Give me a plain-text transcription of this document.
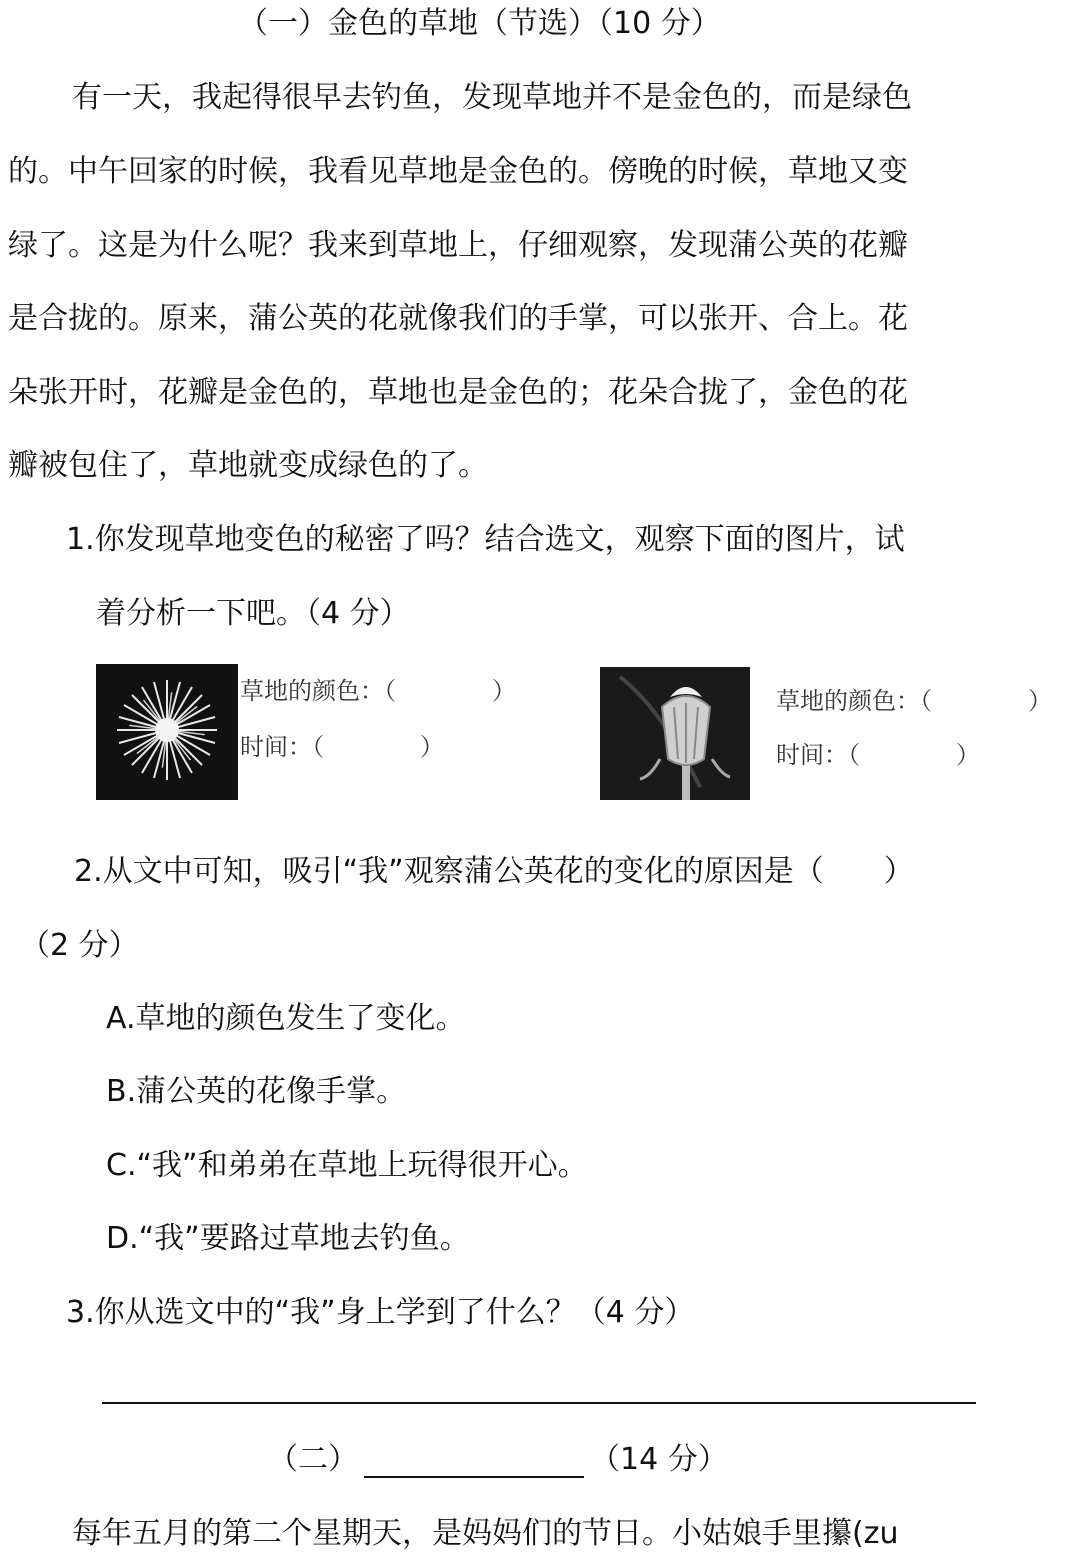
（一）金色的草地（节选）（10 分）
有一天，我起得很早去钓鱼，发现草地并不是金色的，而是绿色
的。中午回家的时候，我看见草地是金色的。傍晚的时候，草地又变
绿了。这是为什么呢？我来到草地上，仔细观察，发现蒲公英的花瓣
是合拢的。原来，蒲公英的花就像我们的手掌，可以张开、合上。花
朵张开时，花瓣是金色的，草地也是金色的；花朵合拢了，金色的花
瓣被包住了，草地就变成绿色的了。
1.你发现草地变色的秘密了吗？结合选文，观察下面的图片，试
着分析一下吧。（4 分）
草地的颜色：（　　　　）
时间：（　　　　）
草地的颜色：（　　　　）
时间：（　　　　）
2.从文中可知，吸引“我”观察蒲公英花的变化的原因是（　　）
（2 分）
A.草地的颜色发生了变化。
B.蒲公英的花像手掌。
C.“我”和弟弟在草地上玩得很开心。
D.“我”要路过草地去钓鱼。
3.你从选文中的“我”身上学到了什么？（4 分）
（二）	（14 分）
每年五月的第二个星期天，是妈妈们的节日。小姑娘手里攥(zu
